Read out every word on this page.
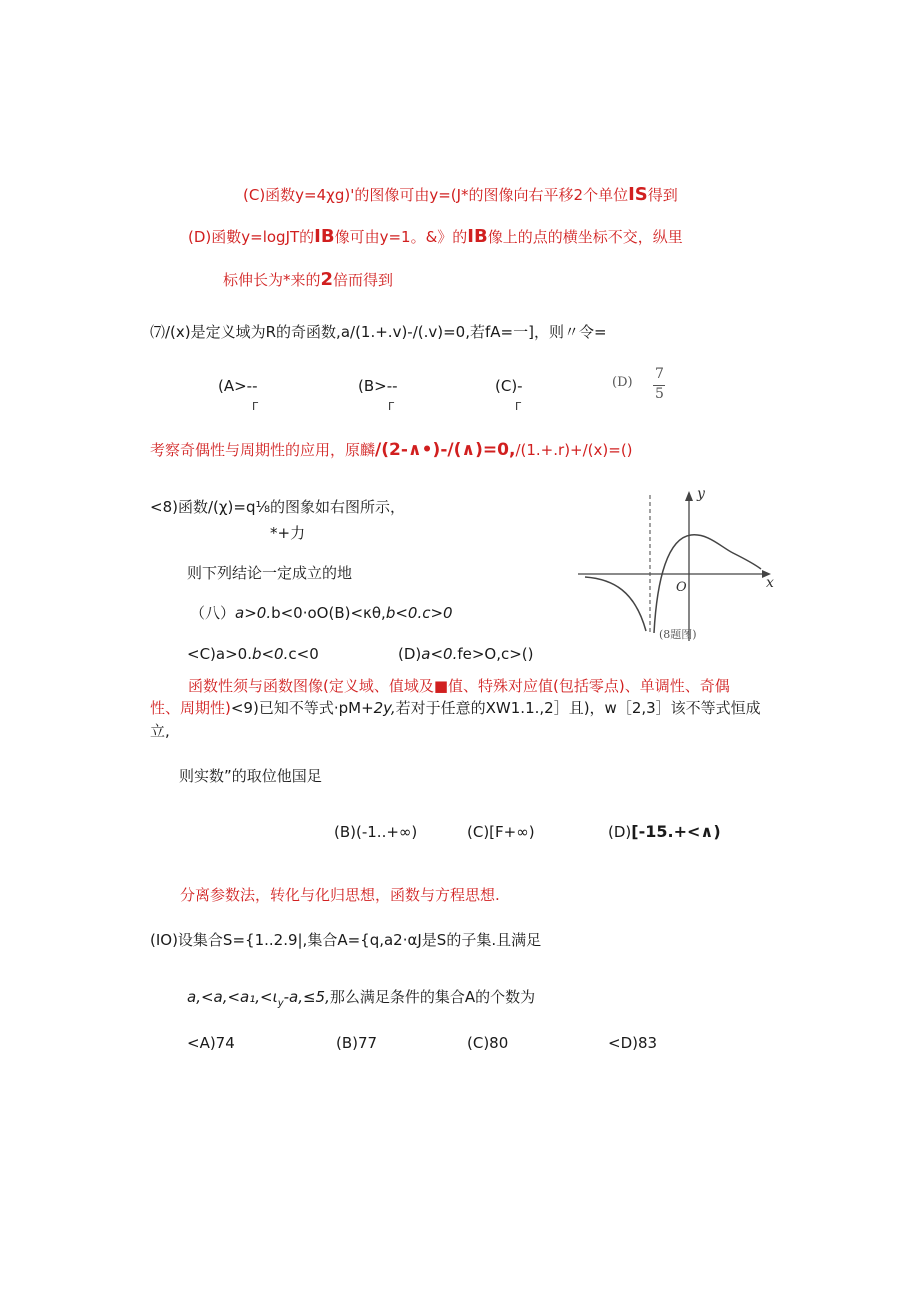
(C)函数y=4χg)'的图像可由y=(J*的图像向右平移2个单位IS得到
(D)函數y=logJT的IB像可由y=1。&》的IB像上的点的横坐标不交，纵里
标伸长为*来的2倍而得到
⑺/(x)是定义域为R的奇函数,a/(1.+.v)-/(.v)=0,若fA=一]，则〃令=
(A>--
Г
(B>--
Г
(C)-
Г
(D)
7
5
考察奇偶性与周期性的应用，原麟/(2-∧•)-/(∧)=0,/(1.+.r)+/(x)=()
<8)函数/(χ)=q⅛的图象如右图所示，
*+力
则下列结论一定成立的地
（八）a>0.b<0·oO(B)<κθ,b<0.c>0
<C)a>0.b<0.c<0	(D)a<0.fe>O,c>()
y
x
O
(8题图)
函数性须与函数图像(定义域、值域及■值、特殊对应值(包括零点)、单调性、奇偶
性、周期性)<9)已知不等式·pM+2y,若对于任意的XW1.1.,2］且)，w［2,3］该不等式恒成
立,
则实数”的取位他国足
(B)(-1..+∞)	(C)[F+∞)	(D)[-15.+<∧)
分离参数法，转化与化归思想，函数与方程思想.
(IO)设集合S={1..2.9|,集合A={q,a2·αJ是S的子集.且满足
$a,<a,<a_1,<\iota_y-a,\le 5$,那么满足条件的集合A的个数为
<A)74	(B)77	(C)80	<D)83
